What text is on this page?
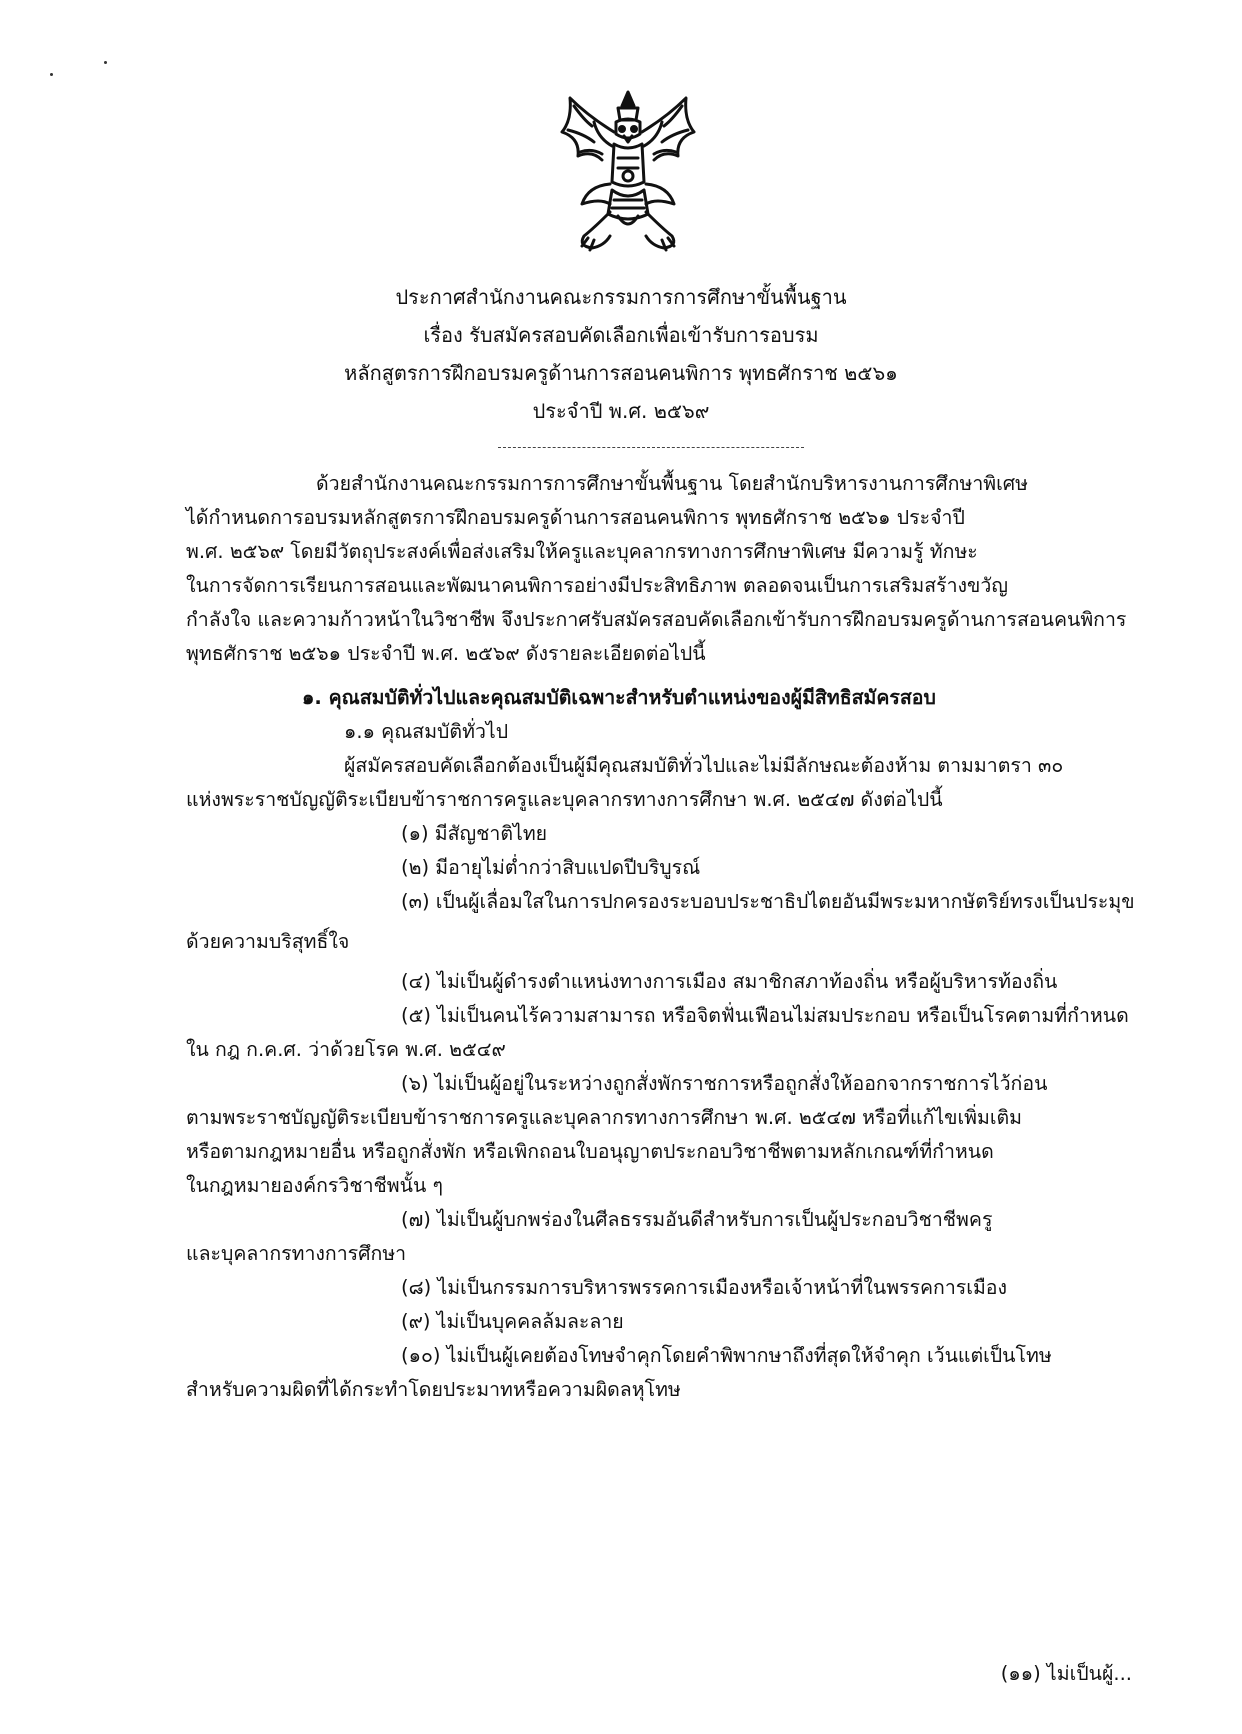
ประกาศสำนักงานคณะกรรมการการศึกษาขั้นพื้นฐาน
เรื่อง รับสมัครสอบคัดเลือกเพื่อเข้ารับการอบรม
หลักสูตรการฝึกอบรมครูด้านการสอนคนพิการ พุทธศักราช ๒๕๖๑
ประจำปี พ.ศ. ๒๕๖๙

ด้วยสำนักงานคณะกรรมการการศึกษาขั้นพื้นฐาน โดยสำนักบริหารงานการศึกษาพิเศษ

ได้กำหนดการอบรมหลักสูตรการฝึกอบรมครูด้านการสอนคนพิการ พุทธศักราช ๒๕๖๑ ประจำปี

พ.ศ. ๒๕๖๙ โดยมีวัตถุประสงค์เพื่อส่งเสริมให้ครูและบุคลากรทางการศึกษาพิเศษ มีความรู้ ทักษะ

ในการจัดการเรียนการสอนและพัฒนาคนพิการอย่างมีประสิทธิภาพ ตลอดจนเป็นการเสริมสร้างขวัญ

กำลังใจ และความก้าวหน้าในวิชาชีพ จึงประกาศรับสมัครสอบคัดเลือกเข้ารับการฝึกอบรมครูด้านการสอนคนพิการ

พุทธศักราช ๒๕๖๑ ประจำปี พ.ศ. ๒๕๖๙ ดังรายละเอียดต่อไปนี้

๑. คุณสมบัติทั่วไปและคุณสมบัติเฉพาะสำหรับตำแหน่งของผู้มีสิทธิสมัครสอบ

๑.๑ คุณสมบัติทั่วไป

ผู้สมัครสอบคัดเลือกต้องเป็นผู้มีคุณสมบัติทั่วไปและไม่มีลักษณะต้องห้าม ตามมาตรา ๓๐

แห่งพระราชบัญญัติระเบียบข้าราชการครูและบุคลากรทางการศึกษา พ.ศ. ๒๕๔๗ ดังต่อไปนี้

(๑) มีสัญชาติไทย

(๒) มีอายุไม่ต่ำกว่าสิบแปดปีบริบูรณ์

(๓) เป็นผู้เลื่อมใสในการปกครองระบอบประชาธิปไตยอันมีพระมหากษัตริย์ทรงเป็นประมุข

ด้วยความบริสุทธิ์ใจ

(๔) ไม่เป็นผู้ดำรงตำแหน่งทางการเมือง สมาชิกสภาท้องถิ่น หรือผู้บริหารท้องถิ่น

(๕) ไม่เป็นคนไร้ความสามารถ หรือจิตฟั่นเฟือนไม่สมประกอบ หรือเป็นโรคตามที่กำหนด

ใน กฎ ก.ค.ศ. ว่าด้วยโรค พ.ศ. ๒๕๔๙

(๖) ไม่เป็นผู้อยู่ในระหว่างถูกสั่งพักราชการหรือถูกสั่งให้ออกจากราชการไว้ก่อน

ตามพระราชบัญญัติระเบียบข้าราชการครูและบุคลากรทางการศึกษา พ.ศ. ๒๕๔๗ หรือที่แก้ไขเพิ่มเติม

หรือตามกฎหมายอื่น หรือถูกสั่งพัก หรือเพิกถอนใบอนุญาตประกอบวิชาชีพตามหลักเกณฑ์ที่กำหนด

ในกฎหมายองค์กรวิชาชีพนั้น ๆ

(๗) ไม่เป็นผู้บกพร่องในศีลธรรมอันดีสำหรับการเป็นผู้ประกอบวิชาชีพครู

และบุคลากรทางการศึกษา

(๘) ไม่เป็นกรรมการบริหารพรรคการเมืองหรือเจ้าหน้าที่ในพรรคการเมือง

(๙) ไม่เป็นบุคคลล้มละลาย

(๑๐) ไม่เป็นผู้เคยต้องโทษจำคุกโดยคำพิพากษาถึงที่สุดให้จำคุก เว้นแต่เป็นโทษ

สำหรับความผิดที่ได้กระทำโดยประมาทหรือความผิดลหุโทษ

(๑๑) ไม่เป็นผู้...
